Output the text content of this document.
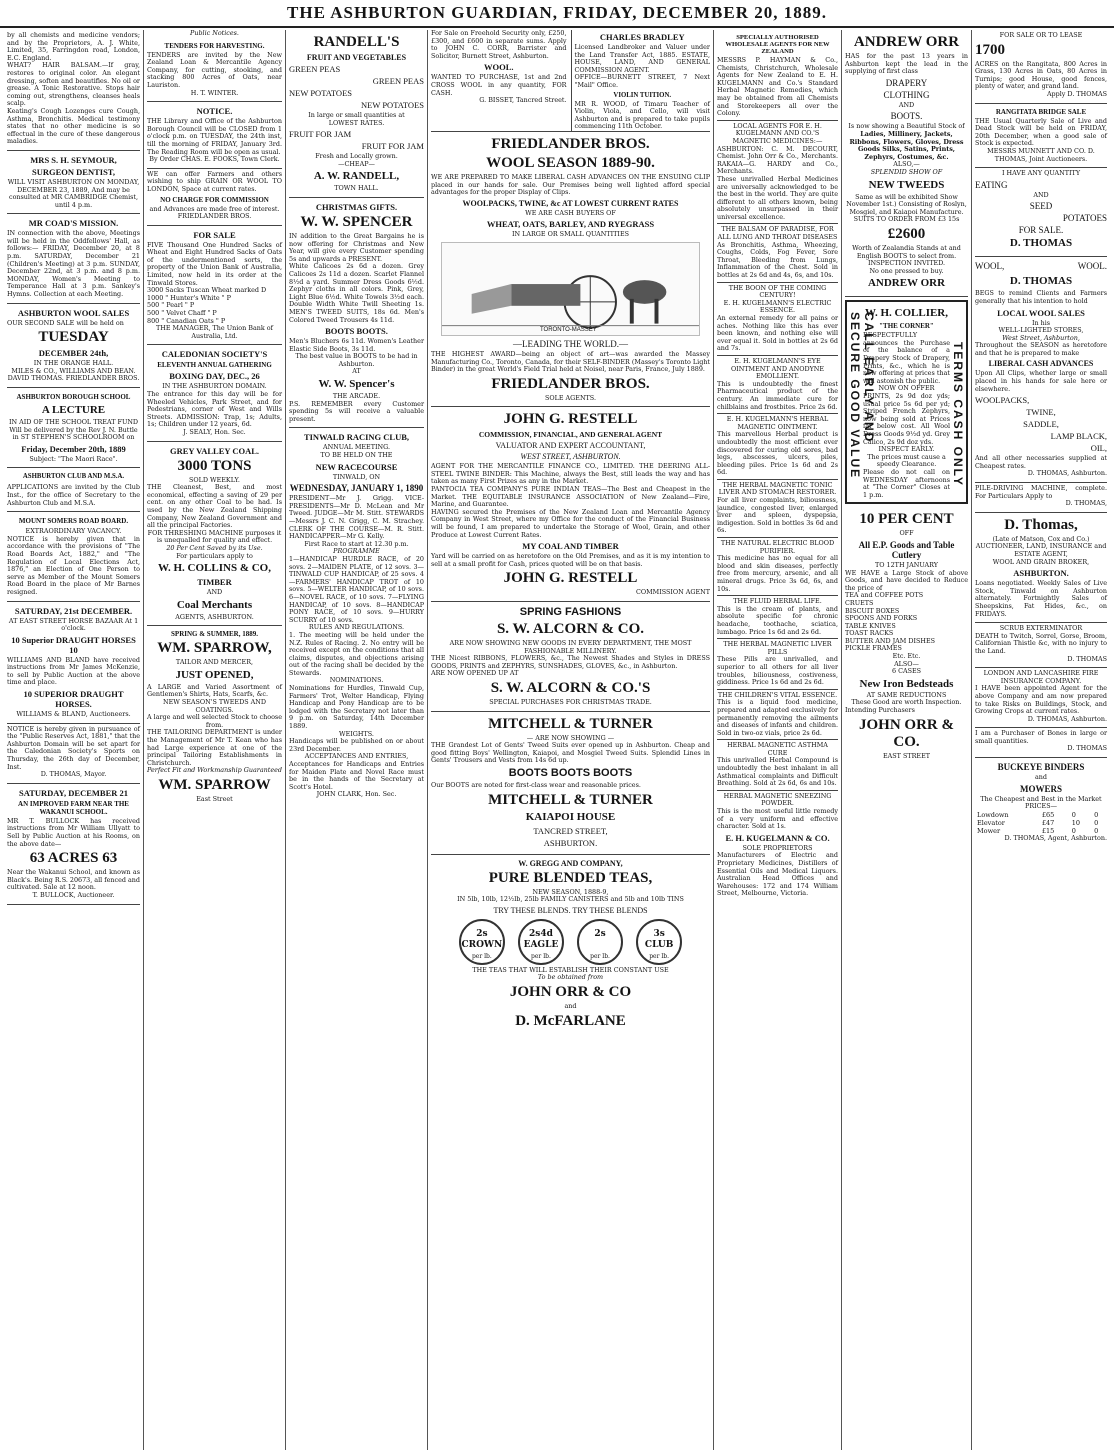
THE ASHBURTON GUARDIAN, FRIDAY, DECEMBER 20, 1889.

by all chemists and medicine vendors; and by the Proprietors, A. J. White, Limited, 35, Farringdon road, London, E.C. England.

WHAT? HAIR BALSAM.—If gray, restores to original color. An elegant dressing, soften and beautifies. No oil or grease. A Tonic Restorative. Stops hair coming out, strengthens, cleanses heals scalp.

Keating's Cough Lozenges cure Cough, Asthma, Bronchitis. Medical testimony states that no other medicine is so effectual in the cure of these dangerous maladies.

MRS S. H. SEYMOUR,
SURGEON DENTIST,

WILL VISIT ASHBURTON ON MONDAY, DECEMBER 23, 1889, And may be consulted at MR CAMBRIDGE Chemist, until 4 p.m.

MR COAD'S MISSION.

IN connection with the above, Meetings will be held in the Oddfellows' Hall, as follows:— FRIDAY, December 20, at 8 p.m. SATURDAY, December 21 (Children's Meeting) at 3 p.m. SUNDAY, December 22nd, at 3 p.m. and 8 p.m. MONDAY, Women's Meeting to Temperance Hall at 3 p.m. Sankey's Hymns. Collection at each Meeting.

ASHBURTON WOOL SALES

OUR SECOND SALE will be held on

TUESDAY
DECEMBER 24th,

IN THE ORANGE HALL.

MILES & CO., WILLIAMS AND BEAN. DAVID THOMAS. FRIEDLANDER BROS.

ASHBURTON BOROUGH SCHOOL
A LECTURE

IN AID OF THE SCHOOL TREAT FUND Will be delivered by the Rev J. N. Buttle in ST STEPHEN'S SCHOOLROOM on

Friday, December 20th, 1889

Subject: "The Maori Race".

ASHBURTON CLUB AND M.S.A.

APPLICATIONS are invited by the Club Inst., for the office of Secretary to the Ashburton Club and M.S.A.

MOUNT SOMERS ROAD BOARD.

EXTRAORDINARY VACANCY.

NOTICE is hereby given that in accordance with the provisions of "The Road Boards Act, 1882," and "The Regulation of Local Elections Act, 1876," an Election of One Person to serve as Member of the Mount Somers Road Board in the place of Mr Barnes resigned.

SATURDAY, 21st DECEMBER.

AT EAST STREET HORSE BAZAAR At 1 o'clock.

10 Superior DRAUGHT HORSES 10

WILLIAMS AND BLAND have received instructions from Mr James McKenzie, to sell by Public Auction at the above time and place.

10 SUPERIOR DRAUGHT HORSES.

WILLIAMS & BLAND, Auctioneers.

NOTICE is hereby given in pursuance of the "Public Reserves Act, 1881," that the Ashburton Domain will be set apart for the Caledonian Society's Sports on Thursday, the 26th day of December, Inst.

D. THOMAS, Mayor.

SATURDAY, DECEMBER 21
AN IMPROVED FARM NEAR THE WAKANUI SCHOOL.

MR T. BULLOCK has received instructions from Mr William Ullyatt to Sell by Public Auction at his Rooms, on the above date—

63 ACRES 63

Near the Wakanui School, and known as Black's. Being R.S. 20673, all fenced and cultivated. Sale at 12 noon.

T. BULLOCK, Auctioneer.

Public Notices.

TENDERS FOR HARVESTING.

TENDERS are invited by the New Zealand Loan & Mercantile Agency Company, for cutting, stooking, and stacking 800 Acres of Oats, near Lauriston.

H. T. WINTER.

NOTICE.

THE Library and Office of the Ashburton Borough Council will be CLOSED from 1 o'clock p.m. on TUESDAY, the 24th inst, till the morning of FRIDAY, January 3rd. The Reading Room will be open as usual.

By Order CHAS. E. FOOKS, Town Clerk.

WE can offer Farmers and others wishing to ship GRAIN OR WOOL TO LONDON, Space at current rates.

NO CHARGE FOR COMMISSION

and Advances are made free of interest.

FRIEDLANDER BROS.

FOR SALE

FIVE Thousand One Hundred Sacks of Wheat and Eight Hundred Sacks of Oats of the undermentioned sorts, the property of the Union Bank of Australia, Limited, now held in its order at the Tinwald Stores.

3000 Sacks Tuscan Wheat marked D

1000 " Hunter's White " P

500 " Pearl " P

500 " Velvet Chaff " P

800 " Canadian Oats " P

THE MANAGER, The Union Bank of Australia, Ltd.

CALEDONIAN SOCIETY'S
ELEVENTH ANNUAL GATHERING
BOXING DAY, DEC., 26

IN THE ASHBURTON DOMAIN.

The entrance for this day will be for Wheeled Vehicles, Park Street, and for Pedestrians, corner of West and Wills Streets. ADMISSION: Trap, 1s; Adults, 1s; Children under 12 years, 6d.

J. SEALY, Hon. Sec.

GREY VALLEY COAL.
3000 TONS

SOLD WEEKLY.

THE Cleanest, Best, and most economical, effecting a saving of 29 per cent. on any other Coal to be had. Is used by the New Zealand Shipping Company, New Zealand Government and all the principal Factories.

FOR THRESHING MACHINE purposes it is unequalled for quality and effect.

20 Per Cent Saved by its Use.

For particulars apply to

W. H. COLLINS & CO,
TIMBER

AND

Coal Merchants

AGENTS, ASHBURTON.

SPRING & SUMMER, 1889.
WM. SPARROW,

TAILOR AND MERCER,

JUST OPENED,

A LARGE and Varied Assortment of Gentlemen's Shirts, Hats, Scarfs, &c.

NEW SEASON'S TWEEDS AND COATINGS.

A large and well selected Stock to choose from.

THE TAILORING DEPARTMENT is under the Management of Mr T. Kean who has had Large experience at one of the principal Tailoring Establishments in Christchurch.

Perfect Fit and Workmanship Guaranteed

WM. SPARROW

East Street

RANDELL'S
FRUIT AND VEGETABLES
GREEN PEAS
GREEN PEAS
NEW POTATOES
NEW POTATOES

In large or small quantities at

LOWEST RATES.

FRUIT FOR JAM
FRUIT FOR JAM

Fresh and Locally grown.

—CHEAP—

A. W. RANDELL,

TOWN HALL.

CHRISTMAS GIFTS.
W. W. SPENCER

IN addition to the Great Bargains he is now offering for Christmas and New Year, will give every Customer spending 5s and upwards a PRESENT.

White Calicoes 2s 6d a dozen. Grey Calicoes 2s 11d a dozen. Scarlet Flannel 8½d a yard. Summer Dress Goods 6½d. Zephyr cloths in all colors. Pink, Grey, Light Blue 6½d. White Towels 3½d each. Double Width White Twill Sheeting 1s. MEN'S TWEED SUITS, 18s 6d. Men's Colored Tweed Trousers 4s 11d.

BOOTS BOOTS.

Men's Bluchers 6s 11d. Women's Leather Elastic Side Boots, 3s 11d.

The best value in BOOTS to be had in Ashburton.

AT

W. W. Spencer's

THE ARCADE.

P.S. REMEMBER every Customer spending 5s will receive a valuable present.

TINWALD RACING CLUB,

ANNUAL MEETING.

TO BE HELD ON THE

NEW RACECOURSE

TINWALD, ON

WEDNESDAY, JANUARY 1, 1890

PRESIDENT—Mr J. Grigg. VICE-PRESIDENTS—Mr D. McLean and Mr Tweed. JUDGE—Mr M. Stitt. STEWARDS—Messrs J. C. N. Grigg, C. M. Strachey. CLERK OF THE COURSE—M. R. Stitt. HANDICAPPER—Mr G. Kelly.

First Race to start at 12.30 p.m.

PROGRAMME

1—HANDICAP HURDLE RACE, of 20 sovs. 2—MAIDEN PLATE, of 12 sovs. 3—TINWALD CUP HANDICAP, of 25 sovs. 4—FARMERS' HANDICAP TROT of 10 sovs. 5—WELTER HANDICAP, of 10 sovs. 6—NOVEL RACE, of 10 sovs. 7—FLYING HANDICAP, of 10 sovs. 8—HANDICAP PONY RACE, of 10 sovs. 9—HURRY SCURRY of 10 sovs.

RULES AND REGULATIONS.

1. The meeting will be held under the N.Z. Rules of Racing. 2. No entry will be received except on the conditions that all claims, disputes, and objections arising out of the racing shall be decided by the Stewards.

NOMINATIONS.

Nominations for Hurdles, Tinwald Cup, Farmers' Trot, Welter Handicap, Flying Handicap and Pony Handicap are to be lodged with the Secretary not later than 9 p.m. on Saturday, 14th December 1889.

WEIGHTS.

Handicaps will be published on or about 23rd December.

ACCEPTANCES AND ENTRIES,

Acceptances for Handicaps and Entries for Maiden Plate and Novel Race must be in the hands of the Secretary at Scott's Hotel.

JOHN CLARK, Hon. Sec.

For Sale on Freehold Security only, £250, £300, and £600 in separate sums. Apply to JOHN C. CORR, Barrister and Solicitor, Burnett Street, Ashburton.

WOOL.

WANTED TO PURCHASE, 1st and 2nd CROSS WOOL in any quantity, FOR CASH.

G. BISSET, Tancred Street.

CHARLES BRADLEY

Licensed Landbroker and Valuer under the Land Transfer Act, 1885. ESTATE, HOUSE, LAND, AND GENERAL COMMISSION AGENT.

OFFICE—BURNETT STREET, 7 Next "Mail" Office.

VIOLIN TUITION.

MR R. WOOD, of Timaru Teacher of Violin, Viola, and Cello, will visit Ashburton and is prepared to take pupils commencing 11th October.

FRIEDLANDER BROS.
WOOL SEASON 1889-90.

WE ARE PREPARED TO MAKE LIBERAL CASH ADVANCES ON THE ENSUING CLIP placed in our hands for sale. Our Premises being well lighted afford special advantages for the proper Display of Clips.

WOOLPACKS, TWINE, &c AT LOWEST CURRENT RATES

WE ARE CASH BUYERS OF

WHEAT, OATS, BARLEY, AND RYEGRASS

IN LARGE OR SMALL QUANTITIES

TORONTO-MASSEY
—LEADING THE WORLD.—

THE HIGHEST AWARD—being an object of art—was awarded the Massey Manufacturing Co., Toronto, Canada, for their SELF-BINDER (Massey's Toronto Light Binder) in the great World's Field Trial held at Noisel, near Paris, France, July 1889.

FRIEDLANDER BROS.

SOLE AGENTS.

JOHN G. RESTELL
COMMISSION, FINANCIAL, AND GENERAL AGENT
VALUATOR AND EXPERT ACCOUNTANT,
WEST STREET, ASHBURTON.

AGENT FOR THE MERCANTILE FINANCE CO., LIMITED. THE DEERING ALL-STEEL TWINE BINDER: This Machine, always the Best, still leads the way and has taken as many First Prizes as any in the Market.

PANTOCIA TEA COMPANY'S PURE INDIAN TEAS—The Best and Cheapest in the Market. THE EQUITABLE INSURANCE ASSOCIATION of New Zealand—Fire, Marine, and Guarantee.

HAVING secured the Premises of the New Zealand Loan and Mercantile Agency Company in West Street, where my Office for the conduct of the Financial Business will be found, I am prepared to undertake the Storage of Wool, Grain, and other Produce at Lowest Current Rates.

MY COAL AND TIMBER

Yard will be carried on as heretofore on the Old Premises, and as it is my intention to sell at a small profit for Cash, prices quoted will be on that basis.

JOHN G. RESTELL

COMMISSION AGENT

SPRING FASHIONS
S. W. ALCORN & CO.

ARE NOW SHOWING NEW GOODS IN EVERY DEPARTMENT, THE MOST FASHIONABLE MILLINERY.

THE Nicest RIBBONS, FLOWERS, &c., The Newest Shades and Styles in DRESS GOODS, PRINTS and ZEPHYRS, SUNSHADES, GLOVES, &c., in Ashburton.

ARE NOW OPENED UP AT

S. W. ALCORN & CO.'S

SPECIAL PURCHASES FOR CHRISTMAS TRADE.

MITCHELL & TURNER

— ARE NOW SHOWING —

THE Grandest Lot of Gents' Tweed Suits ever opened up in Ashburton. Cheap and good fitting Boys' Wellington, Kaiapoi, and Mosgiel Tweed Suits. Splendid Lines in Gents' Trousers and Vests from 14s 6d up.

BOOTS BOOTS BOOTS

Our BOOTS are noted for first-class wear and reasonable prices.

MITCHELL & TURNER
KAIAPOI HOUSE
TANCRED STREET,
ASHBURTON.
W. GREGG AND COMPANY,
PURE BLENDED TEAS,

NEW SEASON, 1888-9,

IN 5lb, 10lb, 12½lb, 25lb FAMILY CANISTERS and 5lb and 10lb TINS

TRY THESE BLENDS. TRY THESE BLENDS
2s
CROWN
per lb. 2s4d
EAGLE
per lb. 2s

per lb. 3s
CLUB
per lb.

THE TEAS THAT WILL ESTABLISH THEIR CONSTANT USE

To be obtained from

JOHN ORR & CO

and

D. McFARLANE
SPECIALLY AUTHORISED WHOLESALE AGENTS FOR NEW ZEALAND

MESSRS P. HAYMAN & Co., Chemists, Christchurch, Wholesale Agents for New Zealand to E. H. KUGELMANN and Co.'s Standard Herbal Magnetic Remedies, which may be obtained from all Chemists and Storekeepers all over the Colony.

LOCAL AGENTS FOR E. H. KUGELMANN AND CO.'S MAGNETIC MEDICINES:—

ASHBURTON: C. M. DECOURT, Chemist. John Orr & Co., Merchants. RAKAIA—G. HARDY and Co., Merchants.

These unrivalled Herbal Medicines are universally acknowledged to be the best in the world. They are quite different to all others known, being absolutely unsurpassed in their universal excellence.

THE BALSAM OF PARADISE, FOR ALL LUNG AND THROAT DISEASES

As Bronchitis, Asthma, Wheezing, Coughs, Colds, Fog Fever, Sore Throat, Bleeding from Lungs, Inflammation of the Chest. Sold in bottles at 2s 6d and 4s, 6s, and 10s.

THE BOON OF THE COMING CENTURY!

E. H. KUGELMANN'S ELECTRIC ESSENCE.

An external remedy for all pains or aches. Nothing like this has ever been known, and nothing else will ever equal it. Sold in bottles at 2s 6d and 7s.

E. H. KUGELMANN'S EYE OINTMENT AND ANODYNE EMOLLIENT.

This is undoubtedly the finest Pharmaceutical product of the century. An immediate cure for chilblains and frostbites. Price 2s 6d.

E. H. KUGELMANN'S HERBAL MAGNETIC OINTMENT.

This marvellous Herbal product is undoubtedly the most efficient ever discovered for curing old sores, bad legs, abscesses, ulcers, piles, bleeding piles. Price 1s 6d and 2s 6d.

THE HERBAL MAGNETIC TONIC LIVER AND STOMACH RESTORER.

For all liver complaints, biliousness, jaundice, congested liver, enlarged liver and spleen, dyspepsia, indigestion. Sold in bottles 3s 6d and 6s.

THE NATURAL ELECTRIC BLOOD PURIFIER.

This medicine has no equal for all blood and skin diseases, perfectly free from mercury, arsenic, and all mineral drugs. Price 3s 6d, 6s, and 10s.

THE FLUID HERBAL LIFE.

This is the cream of plants, and absolute specific for chronic headache, toothache, sciatica, lumbago. Price 1s 6d and 2s 6d.

THE HERBAL MAGNETIC LIVER PILLS

These Pills are unrivalled, and superior to all others for all liver troubles, biliousness, costiveness, giddiness. Price 1s 6d and 2s 6d.

THE CHILDREN'S VITAL ESSENCE.

This is a liquid food medicine, prepared and adapted exclusively for permanently removing the ailments and diseases of infants and children. Sold in two-oz vials, price 2s 6d.

HERBAL MAGNETIC ASTHMA CURE

This unrivalled Herbal Compound is undoubtedly the best inhalant in all Asthmatical complaints and Difficult Breathing. Sold at 2s 6d, 6s and 10s.

HERBAL MAGNETIC SNEEZING POWDER.

This is the most useful little remedy of a very uniform and effective character. Sold at 1s.

E. H. KUGELMANN & CO.

SOLE PROPRIETORS

Manufacturers of Electric and Proprietary Medicines, Distillers of Essential Oils and Medical Liquors. Australian Head Offices and Warehouses: 172 and 174 William Street, Melbourne, Victoria.

ANDREW ORR

HAS for the past 13 years in Ashburton kept the lead in the supplying of first class

DRAPERY
CLOTHING

AND

BOOTS.

Is now showing a Beautiful Stock of

Ladies, Millinery, Jackets, Ribbons, Flowers, Gloves, Dress Goods Silks, Satins, Prints, Zephyrs, Costumes, &c.

ALSO,—

SPLENDID SHOW OF

NEW TWEEDS

Same as will be exhibited Show November 1st.) Consisting of Roslyn, Mosgiel, and Kaiapoi Manufacture.

SUITS TO ORDER FROM £3 15s

£2600

Worth of Zealandia Stands at and English BOOTS to select from.

INSPECTION INVITED.

No one pressed to buy.

ANDREW ORR
CALL EARLY AND SECURE GOOD VALUE	TERMS CASH ONLY
W. H. COLLIER,
"THE CORNER"

RESPECTFULLY announces the Purchase of the balance of a Drapery Stock of Drapery, Prints, &c., which he is now offering at prices that will astonish the public.

NOW ON OFFER

PRINTS, 2s 9d doz yds; usual price 5s 6d per yd; Striped French Zephyrs, now being sold at Prices far below cost. All Wool Dress Goods 9½d yd. Grey Calico, 2s 9d doz yds.

INSPECT EARLY.

The prices must cause a speedy Clearance.

Please do not call on WEDNESDAY afternoons at "The Corner" Closes at 1 p.m.

10 PER CENT

OFF

All E.P. Goods and Table Cutlery

TO 12TH JANUARY

WE HAVE a Large Stock of above Goods, and have decided to Reduce the price of

TEA and COFFEE POTS

CRUETS

BISCUIT BOXES

SPOONS AND FORKS

TABLE KNIVES

TOAST RACKS

BUTTER AND JAM DISHES

PICKLE FRAMES

Etc. Etc.

ALSO—

6 CASES

New Iron Bedsteads

AT SAME REDUCTIONS

These Good are worth Inspection.

Intending Purchasers

JOHN ORR & CO.

EAST STREET

FOR SALE OR TO LEASE

1700

ACRES on the Rangitata, 800 Acres in Grass, 130 Acres in Oats, 80 Acres in Turnips; good House, good fences, plenty of water, and grand land.

Apply D. THOMAS

RANGITATA BRIDGE SALE

THE Usual Quarterly Sale of Live and Dead Stock will be held on FRIDAY, 20th December, when a good sale of Stock is expected.

MESSRS MUNNETT AND CO. D. THOMAS, Joint Auctioneers.

I HAVE ANY QUANTITY

EATING

AND

SEED
POTATOES
FOR SALE.
D. THOMAS
WOOL,	WOOL.
D. THOMAS

BEGS to remind Clients and Farmers generally that his intention to hold

LOCAL WOOL SALES

In his

WELL-LIGHTED STORES,

West Street, Ashburton,

Throughout the SEASON as heretofore and that he is prepared to make

LIBERAL CASH ADVANCES

Upon All Clips, whether large or small placed in his hands for sale here or elsewhere.

WOOLPACKS,
TWINE,
SADDLE,
LAMP BLACK,
OIL,

And all other necessaries supplied at Cheapest rates.

D. THOMAS, Ashburton.

PILE-DRIVING MACHINE, complete. For Particulars Apply to

D. THOMAS,

D. Thomas,

(Late of Matson, Cox and Co.)

AUCTIONEER, LAND, INSURANCE and ESTATE AGENT,

WOOL AND GRAIN BROKER,

ASHBURTON.

Loans negotiated. Weekly Sales of Live Stock, Tinwald on Ashburton alternately. Fortnightly Sales of Sheepskins, Fat Hides, &c., on FRIDAYS.

SCRUB EXTERMINATOR

DEATH to Twitch, Sorrel, Gorse, Broom, Californian Thistle &c, with no injury to the Land.

D. THOMAS

LONDON AND LANCASHIRE FIRE INSURANCE COMPANY.

I HAVE been appointed Agent for the above Company and am now prepared to take Risks on Buildings, Stock, and Growing Crops at current rates.

D. THOMAS, Ashburton.

I am a Purchaser of Bones in large or small quantities.

D. THOMAS

BUCKEYE BINDERS

and

MOWERS

The Cheapest and Best in the Market

PRICES—

Lowdown	£65	0	0
Elevator	£47	10	0
Mower	£15	0	0

D. THOMAS, Agent, Ashburton.
